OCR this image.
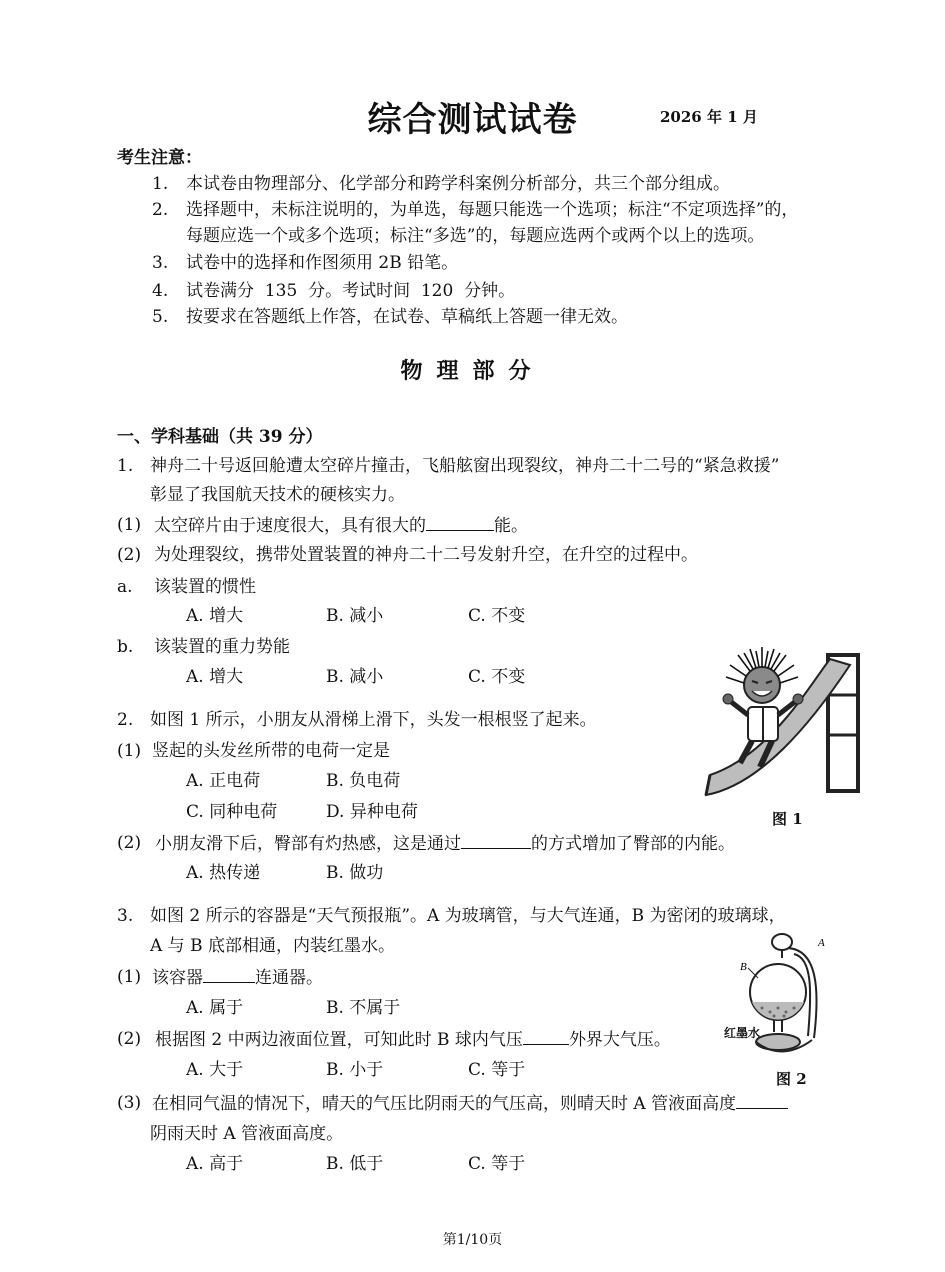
综合测试试卷	2026 年 1 月
考生注意：
1. 本试卷由物理部分、化学部分和跨学科案例分析部分，共三个部分组成。
2. 选择题中，未标注说明的，为单选，每题只能选一个选项；标注“不定项选择”的，
每题应选一个或多个选项；标注“多选”的，每题应选两个或两个以上的选项。
3. 试卷中的选择和作图须用 2B 铅笔。
4. 试卷满分  135  分。考试时间  120  分钟。
5. 按要求在答题纸上作答，在试卷、草稿纸上答题一律无效。
物理部分
一、学科基础（共 39 分）
1. 神舟二十号返回舱遭太空碎片撞击，飞船舷窗出现裂纹，神舟二十二号的“紧急救援”
彰显了我国航天技术的硬核实力。
(1) 太空碎片由于速度很大，具有很大的	能。
(2) 为处理裂纹，携带处置装置的神舟二十二号发射升空，在升空的过程中。
a. 该装置的惯性
A. 增大	B. 减小	C. 不变
b. 该装置的重力势能
A. 增大	B. 减小	C. 不变
2. 如图 1 所示，小朋友从滑梯上滑下，头发一根根竖了起来。
(1) 竖起的头发丝所带的电荷一定是
A. 正电荷	B. 负电荷
C. 同种电荷	D. 异种电荷
(2) 小朋友滑下后，臀部有灼热感，这是通过	的方式增加了臀部的内能。
A. 热传递	B. 做功
图 1
3. 如图 2 所示的容器是“天气预报瓶”。A 为玻璃管，与大气连通，B 为密闭的玻璃球，
A 与 B 底部相通，内装红墨水。
(1) 该容器	连通器。
A. 属于	B. 不属于
(2) 根据图 2 中两边液面位置，可知此时 B 球内气压	外界大气压。
A. 大于	B. 小于	C. 等于
(3) 在相同气温的情况下，晴天的气压比阴雨天的气压高，则晴天时 A 管液面高度
阴雨天时 A 管液面高度。
A. 高于	B. 低于	C. 等于
A
B
红墨水
图 2
第1/10页
